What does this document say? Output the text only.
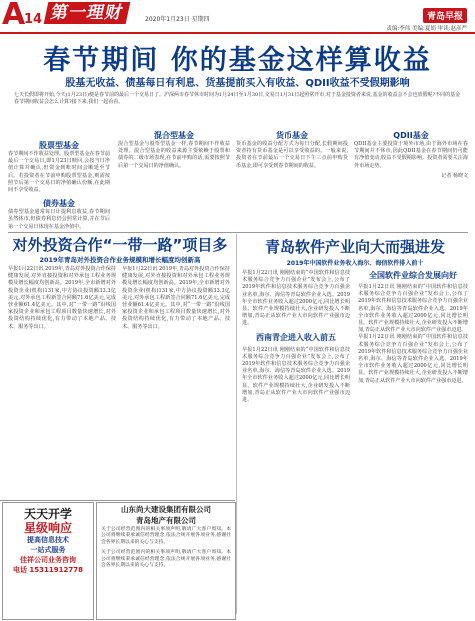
A
14 第一理财	2020年1月23日 星期四	青岛早报
责编:李伟 美编:夏娟 审读:赵彦严
春节期间 你的基金这样算收益
股基无收益、债基每日有利息、货基提前买入有收益、QDII收益不受假期影响
七天长假即将开始,今天(1月23日)便是春节前的最后一个交易日了。沪深两市春节休市时间为1月24日至1月30日,交易日1月31日起照常开市,对于基金投资者来说,基金的收益会不会也放假呢?不同的基金春节期间收益会怎么计算?接下来,我们一起看看。
股票型基金
春节期间不作收益处理。股票型基金在春节前最后一个交易日,即1月23日赎回,会按当日净值计算并确认,但资金到账时间会顺延至节后。若投资者在节前申购股票型基金,则需按照节后第一个交易日的净值确认份额,在此期间不享受收益。
债券基金
债券型基金通常每日计提利息收益,春节期间虽然休市,但债券利息仍会照常计算,并在节后第一个交易日体现在基金净值中。
混合型基金
混合型基金与股票型基金一样,春节期间不作收益处理。混合型基金的收益来源主要依赖于股票和债券的二级市场表现,在节前申购的话,需要按照节后第一个交易日的净值确认。
货币基金
货币基金的收益分配方式为每日分配,长假期间投资者持有货币基金是可以享受收益的。一般来说,投资者在节前最后一个交易日下午三点前申购货币基金,即可享受到春节期间的收益。
QDII基金
QDII基金主要投资于境外市场,由于海外市场在春节期间并不休市,因此QDII基金在春节期间仍可能有净值变动,收益不受假期影响。投资者需要关注海外市场走势。
记者 杨晓文
对外投资合作“一带一路”项目多
2019年青岛对外投资合作业务规模和增长幅度均创新高
早报1月22日讯 2019年,青岛对外投资合作保持健康发展,对外直接投资和对外承包工程业务规模及增长幅度均创新高。2019年,全市新增对外投资企业(机构)131家,中方协议投资额33.3亿美元,对外承包工程新签合同额71.6亿美元,完成营业额61.4亿美元。其中,对“一带一路”沿线国家投资企业和承包工程项目数量快速增长,对外投资结构持续优化,有力带动了本地产品、技术、服务等出口。
早报1月22日讯 2019年,青岛对外投资合作保持健康发展,对外直接投资和对外承包工程业务规模及增长幅度均创新高。2019年,全市新增对外投资企业(机构)131家,中方协议投资额33.3亿美元,对外承包工程新签合同额71.6亿美元,完成营业额61.4亿美元。其中,对“一带一路”沿线国家投资企业和承包工程项目数量快速增长,对外投资结构持续优化,有力带动了本地产品、技术、服务等出口。
青岛软件产业向大而强进发
2019年中国软件业务收入海尔、海信软件排入前十
早报1月22日讯 刚刚结束的“中国软件和信息技术服务综合竞争力百强企业”发布会上,公布了2019年软件和信息技术服务综合竞争力百强企业名单,海尔、海信等青岛软件企业入选。2019年全市软件业务收入超过2000亿元,同比增长明显。软件产业规模持续壮大,企业研发投入不断增加,青岛正从软件产业大市向软件产业强市迈进。
西南青企进入收入前五
早报1月22日讯 刚刚结束的“中国软件和信息技术服务综合竞争力百强企业”发布会上,公布了2019年软件和信息技术服务综合竞争力百强企业名单,海尔、海信等青岛软件企业入选。2019年全市软件业务收入超过2000亿元,同比增长明显。软件产业规模持续壮大,企业研发投入不断增加,青岛正从软件产业大市向软件产业强市迈进。
全国软件业综合发展向好
早报1月22日讯 刚刚结束的“中国软件和信息技术服务综合竞争力百强企业”发布会上,公布了2019年软件和信息技术服务综合竞争力百强企业名单,海尔、海信等青岛软件企业入选。2019年全市软件业务收入超过2000亿元,同比增长明显。软件产业规模持续壮大,企业研发投入不断增加,青岛正从软件产业大市向软件产业强市迈进。
早报1月22日讯 刚刚结束的“中国软件和信息技术服务综合竞争力百强企业”发布会上,公布了2019年软件和信息技术服务综合竞争力百强企业名单,海尔、海信等青岛软件企业入选。2019年全市软件业务收入超过2000亿元,同比增长明显。软件产业规模持续壮大,企业研发投入不断增加,青岛正从软件产业大市向软件产业强市迈进。
天天开学
星级响应
提高信息技术
一站式服务
佳祥公司业务咨询
电话 15311912778
山东尚大建设集团有限公司
青岛地产有限公司
关于公司经营范围内的相关事项声明,敬请广大客户周知。本公司将继续秉承诚信经营理念,依法合规开展各项业务,感谢社会各界长期以来的关心与支持。
关于公司经营范围内的相关事项声明,敬请广大客户周知。本公司将继续秉承诚信经营理念,依法合规开展各项业务,感谢社会各界长期以来的关心与支持。
